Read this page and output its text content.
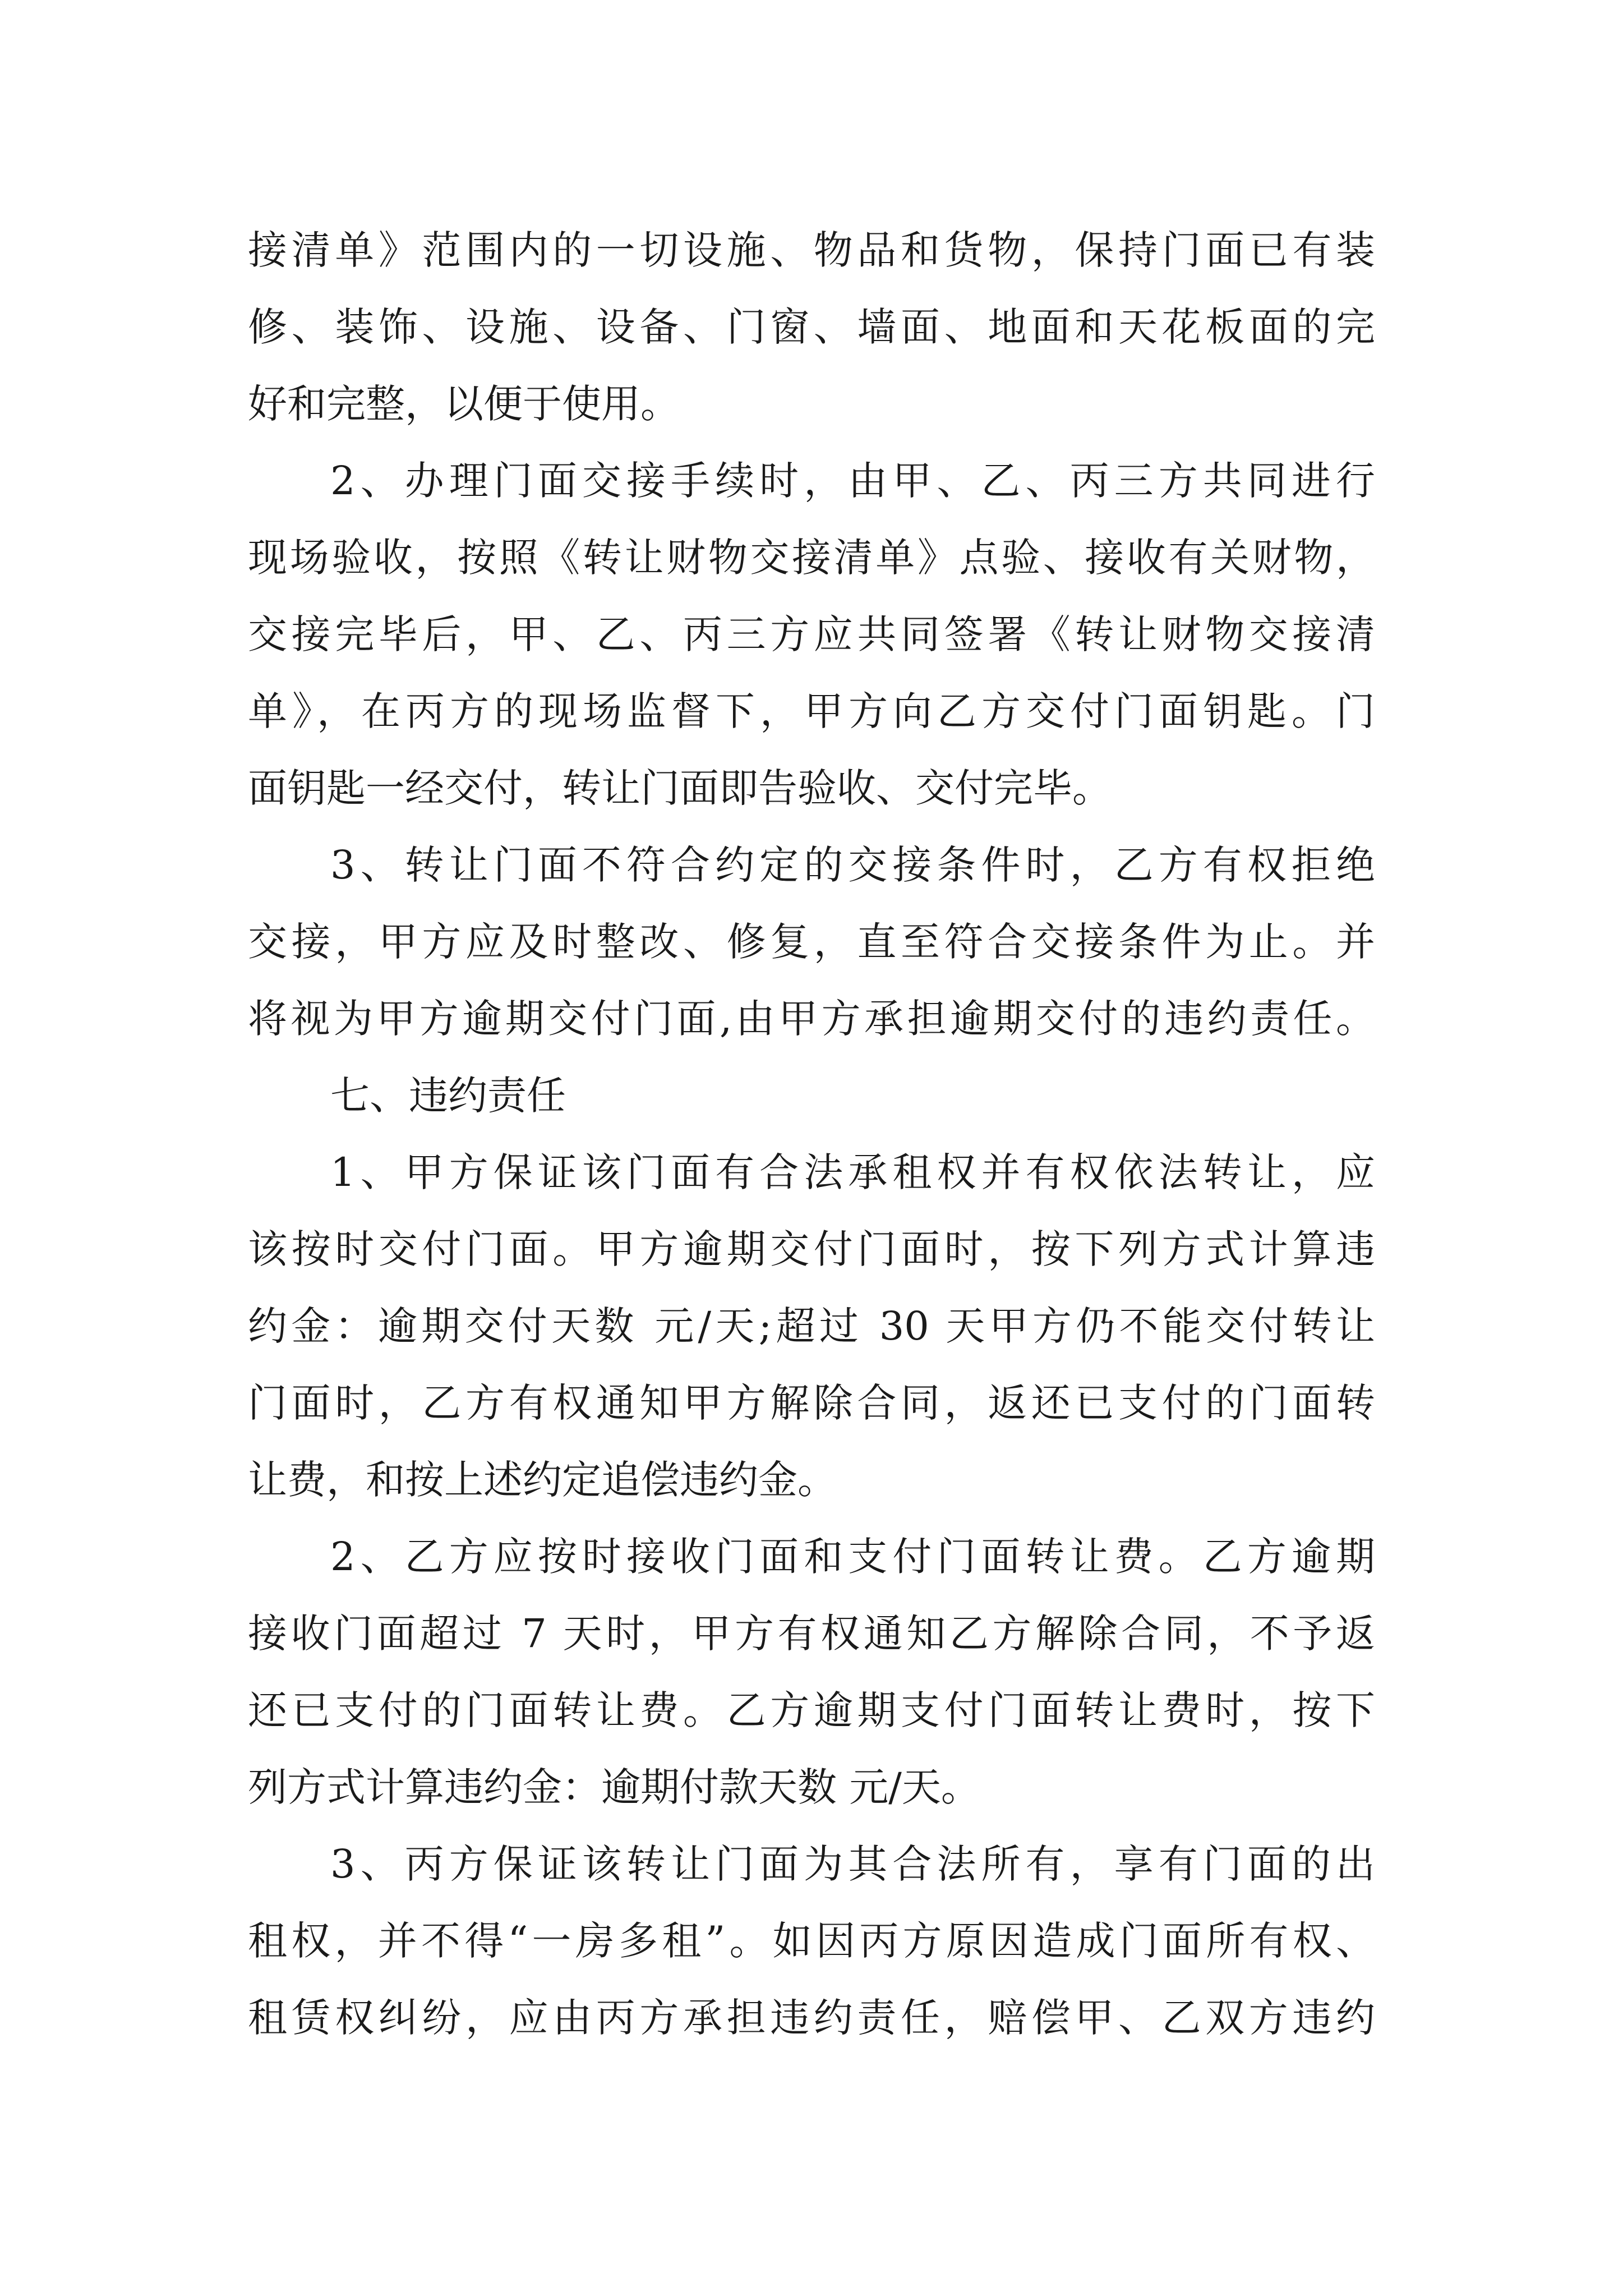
接清单》范围内的一切设施、物品和货物，保持门面已有装
修、装饰、设施、设备、门窗、墙面、地面和天花板面的完
好和完整，以便于使用。
2、办理门面交接手续时，由甲、乙、丙三方共同进行
现场验收，按照《转让财物交接清单》点验、接收有关财物，
交接完毕后，甲、乙、丙三方应共同签署《转让财物交接清
单》，在丙方的现场监督下，甲方向乙方交付门面钥匙。门
面钥匙一经交付，转让门面即告验收、交付完毕。
3、转让门面不符合约定的交接条件时，乙方有权拒绝
交接，甲方应及时整改、修复，直至符合交接条件为止。并
将视为甲方逾期交付门面,由甲方承担逾期交付的违约责任。
七、违约责任
1、甲方保证该门面有合法承租权并有权依法转让，应
该按时交付门面。甲方逾期交付门面时，按下列方式计算违
约金：逾期交付天数 元/天;超过 30 天甲方仍不能交付转让
门面时，乙方有权通知甲方解除合同，返还已支付的门面转
让费，和按上述约定追偿违约金。
2、乙方应按时接收门面和支付门面转让费。乙方逾期
接收门面超过 7 天时，甲方有权通知乙方解除合同，不予返
还已支付的门面转让费。乙方逾期支付门面转让费时，按下
列方式计算违约金：逾期付款天数 元/天。
3、丙方保证该转让门面为其合法所有，享有门面的出
租权，并不得“一房多租”。如因丙方原因造成门面所有权、
租赁权纠纷，应由丙方承担违约责任，赔偿甲、乙双方违约
